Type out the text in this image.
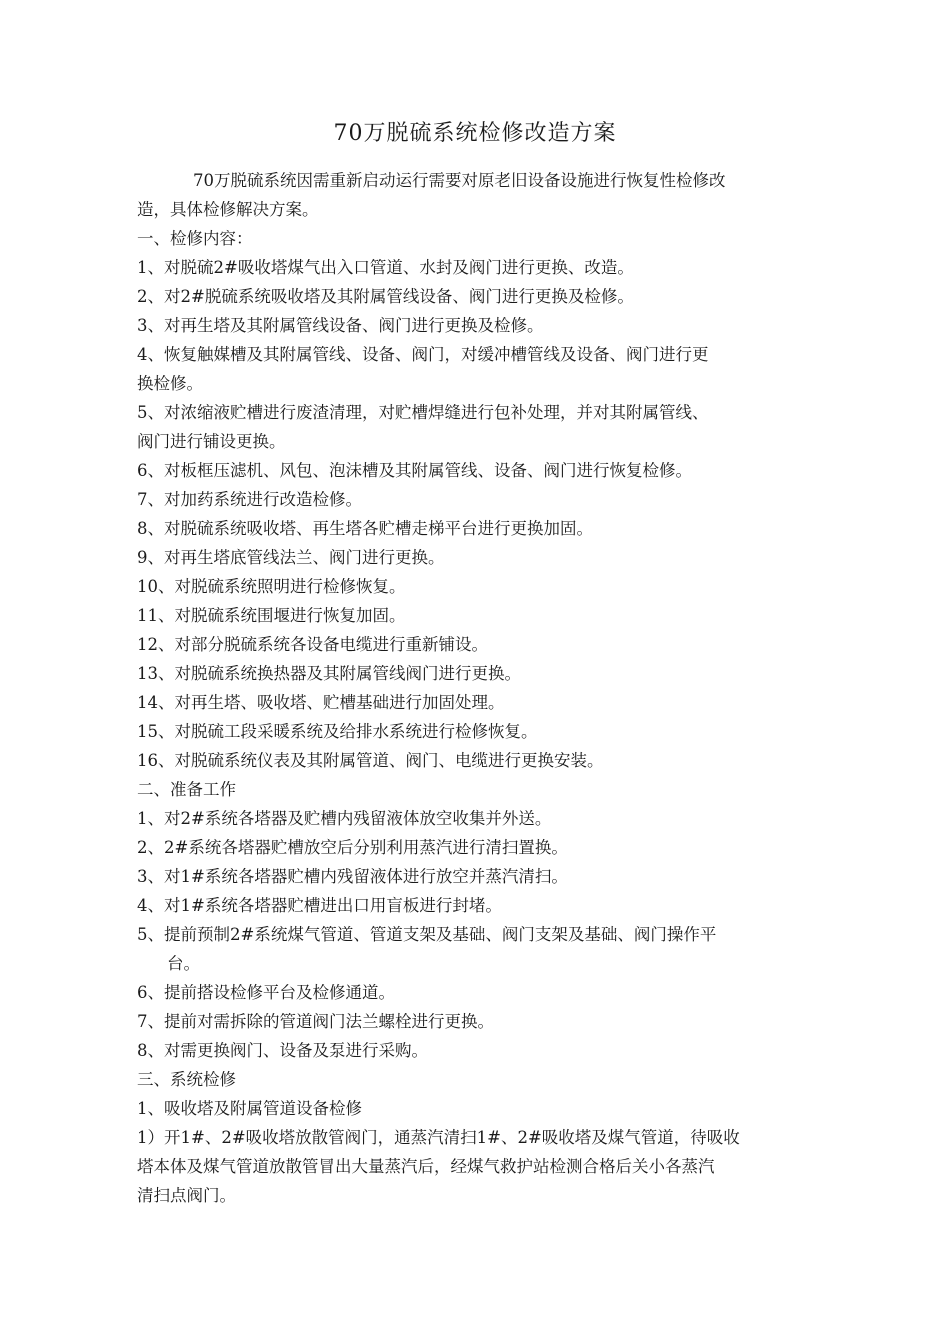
70万脱硫系统检修改造方案
70万脱硫系统因需重新启动运行需要对原老旧设备设施进行恢复性检修改
造，具体检修解决方案。
一、检修内容：
1、对脱硫2#吸收塔煤气出入口管道、水封及阀门进行更换、改造。
2、对2#脱硫系统吸收塔及其附属管线设备、阀门进行更换及检修。
3、对再生塔及其附属管线设备、阀门进行更换及检修。
4、恢复触媒槽及其附属管线、设备、阀门，对缓冲槽管线及设备、阀门进行更
换检修。
5、对浓缩液贮槽进行废渣清理，对贮槽焊缝进行包补处理，并对其附属管线、
阀门进行铺设更换。
6、对板框压滤机、风包、泡沫槽及其附属管线、设备、阀门进行恢复检修。
7、对加药系统进行改造检修。
8、对脱硫系统吸收塔、再生塔各贮槽走梯平台进行更换加固。
9、对再生塔底管线法兰、阀门进行更换。
10、对脱硫系统照明进行检修恢复。
11、对脱硫系统围堰进行恢复加固。
12、对部分脱硫系统各设备电缆进行重新铺设。
13、对脱硫系统换热器及其附属管线阀门进行更换。
14、对再生塔、吸收塔、贮槽基础进行加固处理。
15、对脱硫工段采暖系统及给排水系统进行检修恢复。
16、对脱硫系统仪表及其附属管道、阀门、电缆进行更换安装。
二、准备工作
1、对2#系统各塔器及贮槽内残留液体放空收集并外送。
2、2#系统各塔器贮槽放空后分别利用蒸汽进行清扫置换。
3、对1#系统各塔器贮槽内残留液体进行放空并蒸汽清扫。
4、对1#系统各塔器贮槽进出口用盲板进行封堵。
5、提前预制2#系统煤气管道、管道支架及基础、阀门支架及基础、阀门操作平
台。
6、提前搭设检修平台及检修通道。
7、提前对需拆除的管道阀门法兰螺栓进行更换。
8、对需更换阀门、设备及泵进行采购。
三、系统检修
1、吸收塔及附属管道设备检修
1）开1#、2#吸收塔放散管阀门，通蒸汽清扫1#、2#吸收塔及煤气管道，待吸收
塔本体及煤气管道放散管冒出大量蒸汽后，经煤气救护站检测合格后关小各蒸汽
清扫点阀门。
